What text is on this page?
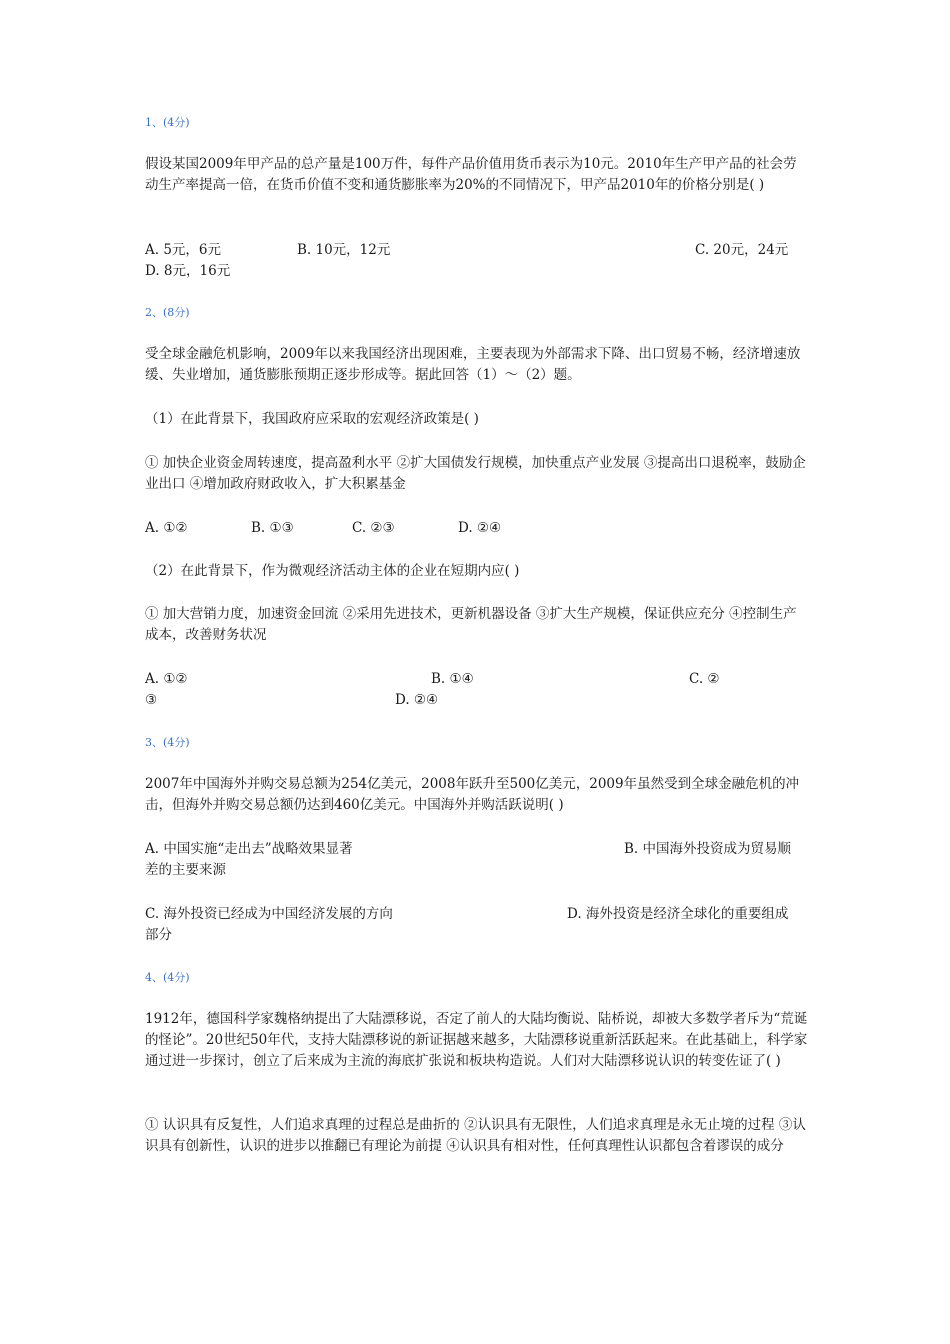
1、(4分)

假设某国2009年甲产品的总产量是100万件，每件产品价值用货币表示为10元。2010年生产甲产品的社会劳动生产率提高一倍，在货币价值不变和通货膨胀率为20%的不同情况下，甲产品2010年的价格分别是( )

A. 5元，6元	B. 10元，12元	C. 20元，24元
D. 8元，16元

2、(8分)

受全球金融危机影响，2009年以来我国经济出现困难，主要表现为外部需求下降、出口贸易不畅，经济增速放缓、失业增加，通货膨胀预期正逐步形成等。据此回答（1）～（2）题。

（1）在此背景下，我国政府应采取的宏观经济政策是( )

① 加快企业资金周转速度，提高盈利水平 ②扩大国债发行规模，加快重点产业发展 ③提高出口退税率，鼓励企业出口 ④增加政府财政收入，扩大积累基金

A. ①②	B. ①③	C. ②③	D. ②④

（2）在此背景下，作为微观经济活动主体的企业在短期内应( )

① 加大营销力度，加速资金回流 ②采用先进技术，更新机器设备 ③扩大生产规模，保证供应充分 ④控制生产成本，改善财务状况

A. ①②	B. ①④	C. ②
③	D. ②④

3、(4分)

2007年中国海外并购交易总额为254亿美元，2008年跃升至500亿美元，2009年虽然受到全球金融危机的冲击，但海外并购交易总额仍达到460亿美元。中国海外并购活跃说明( )

A. 中国实施“走出去”战略效果显著	B. 中国海外投资成为贸易顺
差的主要来源
C. 海外投资已经成为中国经济发展的方向	D. 海外投资是经济全球化的重要组成
部分

4、(4分)

1912年，德国科学家魏格纳提出了大陆漂移说，否定了前人的大陆均衡说、陆桥说，却被大多数学者斥为“荒诞的怪论”。20世纪50年代，支持大陆漂移说的新证据越来越多，大陆漂移说重新活跃起来。在此基础上，科学家通过进一步探讨，创立了后来成为主流的海底扩张说和板块构造说。人们对大陆漂移说认识的转变佐证了( )

① 认识具有反复性，人们追求真理的过程总是曲折的 ②认识具有无限性，人们追求真理是永无止境的过程 ③认识具有创新性，认识的进步以推翻已有理论为前提 ④认识具有相对性，任何真理性认识都包含着谬误的成分
